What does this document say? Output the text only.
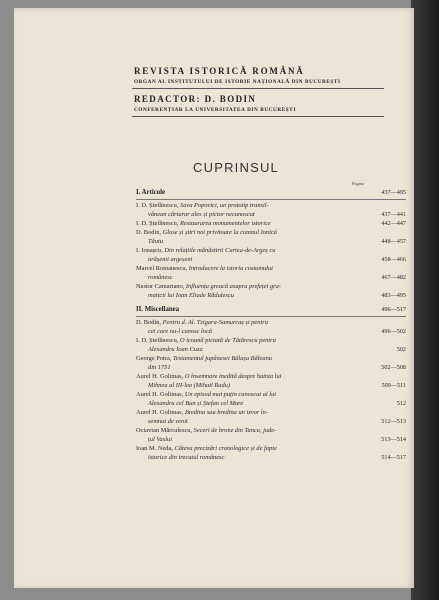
REVISTA ISTORICĂ ROMÂNĂ
ORGAN AL INSTITUTULUI DE ISTORIE NAȚIONALĂ DIN BUCUREȘTI
REDACTOR: D. BODIN
CONFERENȚIAR LA UNIVERSITATEA DIN BUCUREȘTI
CUPRINSUL
Pagina
I. Articole	437—495
I. D. Ștefănescu, Sava Popovici, un prototip transil-
vănean cărturar ales și pictor necunoscut	437—441
I. D. Ștefănescu, Restaurarea monumentelor istorice	442—447
D. Bodin, Glose și știri noi privitoare la cumnul Ionică
Tăutu	448—457
I. Ionașcu, Din relațiile mănăstirii Curtea-de-Argeș cu
orășenii argeșeni	458—466
Marcel Romanescu, Introducere la istoria costumului
românesc	467—482
Nestor Camariano, Influența greacă asupra prefeței gra-
maticii lui Ioan Eliade Rădulescu	483—495
II. Miscellanea	496—517
D. Bodin, Pentru d. Al. Tzigara-Samurcaș și pentru
cei care nu-l cunosc încă	496—502
I. D. Ștefănescu, O icoană pictată de Tătărescu pentru
Alexandru Ioan Cuza	502
George Potra, Testamentul jupânesei Bălașa Băleanu
din 1751	502—508
Aurel H. Golimas, O însemnare inedită despre hainia lui
Mihnea al III-lea (Mihail Radu)	509—511
Aurel H. Golimas, Un episod mai puțin cunoscut al lui
Alexandru cel Bun și Ștefan cel Mare	512
Aurel H. Golimas, Bredina sau bredina un izvor în-
semnat de venit	512—513
Octavian Mărculescu, Seceri de bronz din Tanca, jude-
țul Vaslui	513—514
Ioan M. Neda, Câteva precizări cronologice și de fapte
istorice din trecutul românesc	514—517
